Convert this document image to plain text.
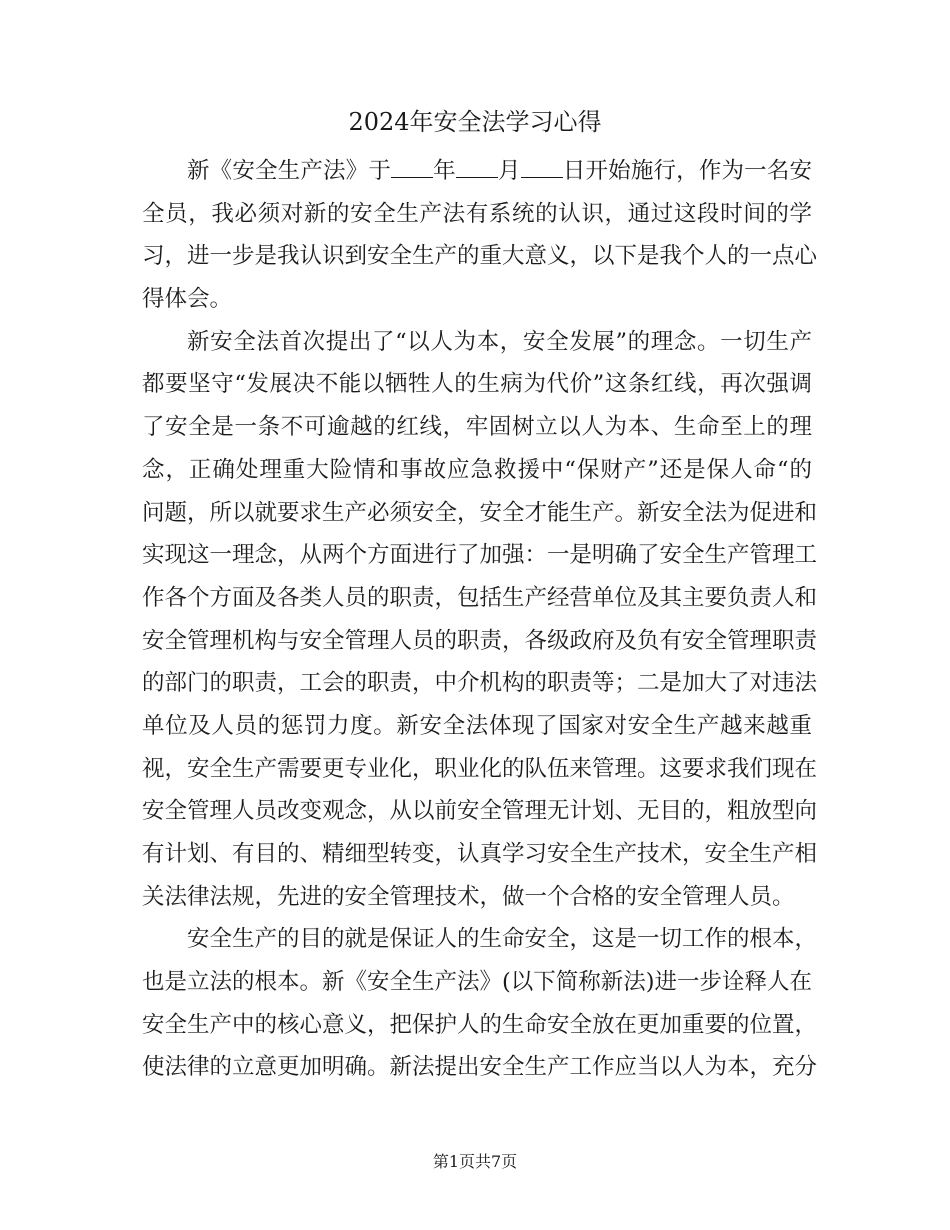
2024年安全法学习心得
新《安全生产法》于 年 月 日开始施行，作为一名安
全员，我必须对新的安全生产法有系统的认识，通过这段时间的学
习，进一步是我认识到安全生产的重大意义，以下是我个人的一点心
得体会。
新安全法首次提出了“以人为本，安全发展”的理念。一切生产
都要坚守“发展决不能以牺牲人的生病为代价”这条红线，再次强调
了安全是一条不可逾越的红线，牢固树立以人为本、生命至上的理
念，正确处理重大险情和事故应急救援中“保财产”还是保人命“的
问题，所以就要求生产必须安全，安全才能生产。新安全法为促进和
实现这一理念，从两个方面进行了加强：一是明确了安全生产管理工
作各个方面及各类人员的职责，包括生产经营单位及其主要负责人和
安全管理机构与安全管理人员的职责，各级政府及负有安全管理职责
的部门的职责，工会的职责，中介机构的职责等；二是加大了对违法
单位及人员的惩罚力度。新安全法体现了国家对安全生产越来越重
视，安全生产需要更专业化，职业化的队伍来管理。这要求我们现在
安全管理人员改变观念，从以前安全管理无计划、无目的，粗放型向
有计划、有目的、精细型转变，认真学习安全生产技术，安全生产相
关法律法规，先进的安全管理技术，做一个合格的安全管理人员。
安全生产的目的就是保证人的生命安全，这是一切工作的根本，
也是立法的根本。新《安全生产法》(以下简称新法)进一步诠释人在
安全生产中的核心意义，把保护人的生命安全放在更加重要的位置，
使法律的立意更加明确。新法提出安全生产工作应当以人为本，充分
第1页共7页
